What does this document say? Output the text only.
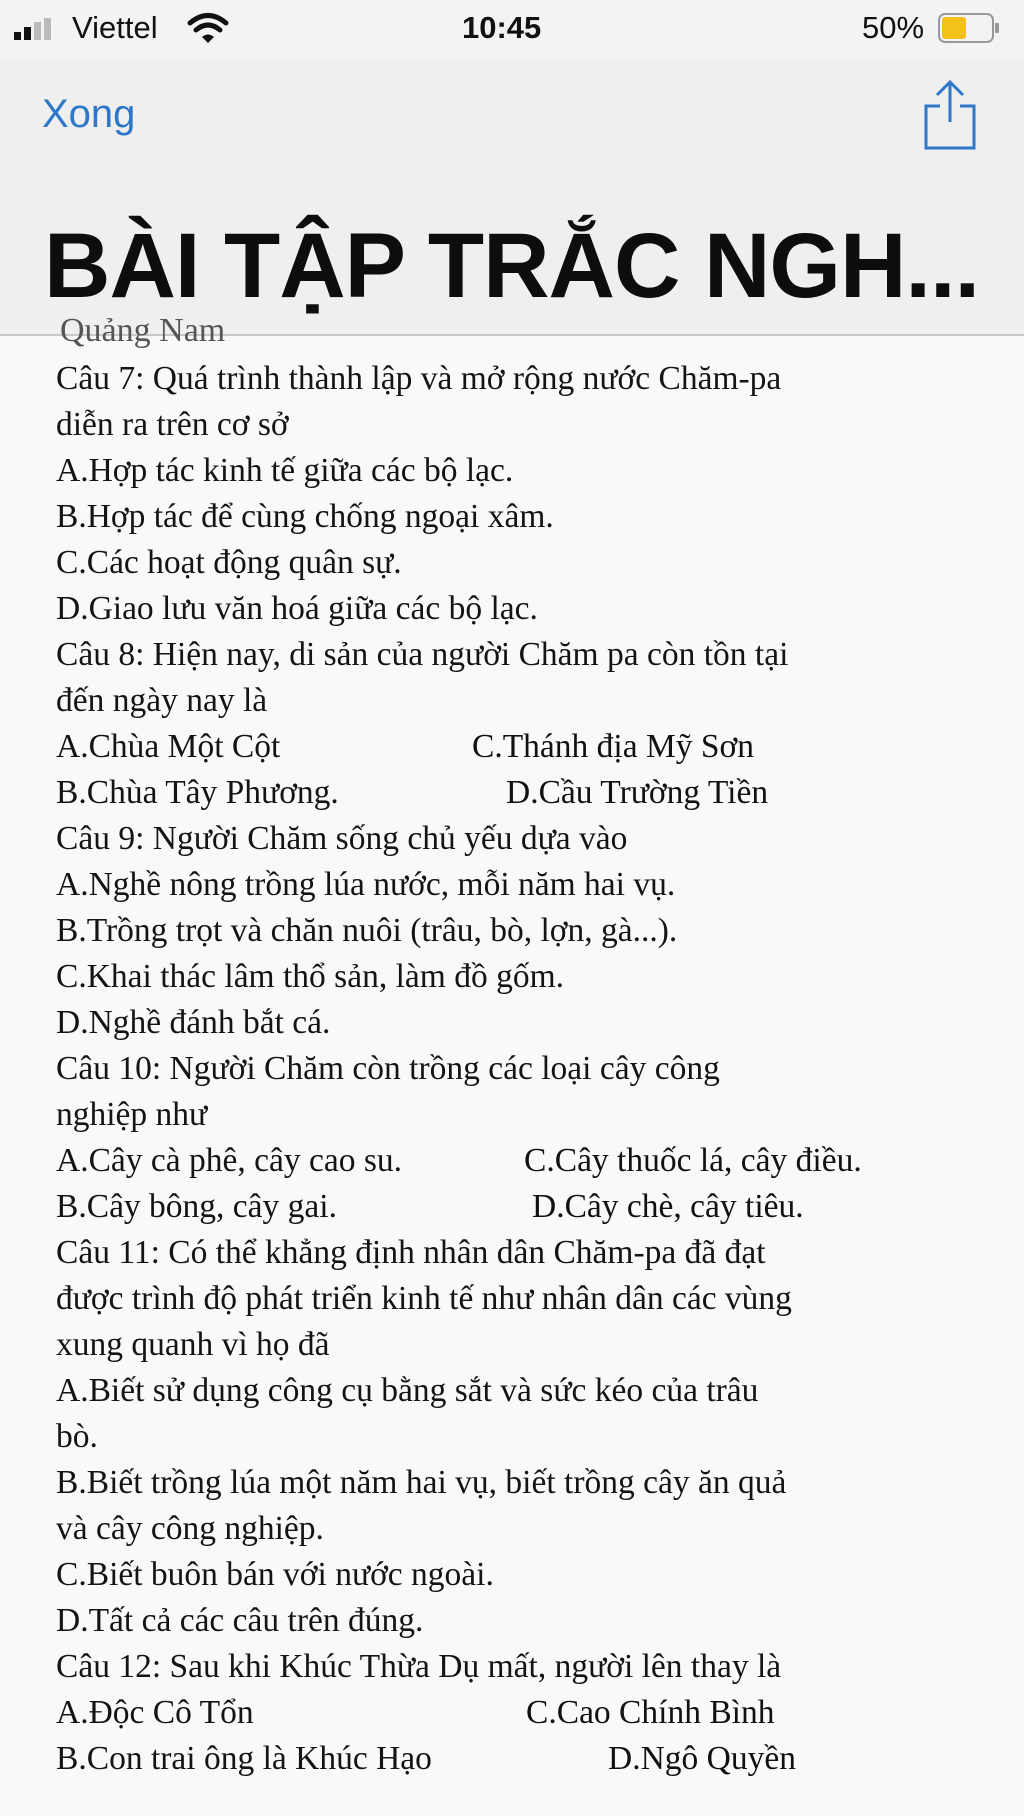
Viettel	10:45	50%
Xong
BÀI TẬP TRẮC NGH...
Quảng Nam
Câu 7: Quá trình thành lập và mở rộng nước Chăm-pa
diễn ra trên cơ sở
A.Hợp tác kinh tế giữa các bộ lạc.
B.Hợp tác để cùng chống ngoại xâm.
C.Các hoạt động quân sự.
D.Giao lưu văn hoá giữa các bộ lạc.
Câu 8: Hiện nay, di sản của người Chăm pa còn tồn tại
đến ngày nay là
A.Chùa Một Cột	C.Thánh địa Mỹ Sơn
B.Chùa Tây Phương.	D.Cầu Trường Tiền
Câu 9: Người Chăm sống chủ yếu dựa vào
A.Nghề nông trồng lúa nước, mỗi năm hai vụ.
B.Trồng trọt và chăn nuôi (trâu, bò, lợn, gà...).
C.Khai thác lâm thổ sản, làm đồ gốm.
D.Nghề đánh bắt cá.
Câu 10: Người Chăm còn trồng các loại cây công
nghiệp như
A.Cây cà phê, cây cao su.	C.Cây thuốc lá, cây điều.
B.Cây bông, cây gai.	D.Cây chè, cây tiêu.
Câu 11: Có thể khẳng định nhân dân Chăm-pa đã đạt
được trình độ phát triển kinh tế như nhân dân các vùng
xung quanh vì họ đã
A.Biết sử dụng công cụ bằng sắt và sức kéo của trâu
bò.
B.Biết trồng lúa một năm hai vụ, biết trồng cây ăn quả
và cây công nghiệp.
C.Biết buôn bán với nước ngoài.
D.Tất cả các câu trên đúng.
Câu 12: Sau khi Khúc Thừa Dụ mất, người lên thay là
A.Độc Cô Tổn	C.Cao Chính Bình
B.Con trai ông là Khúc Hạo	D.Ngô Quyền
